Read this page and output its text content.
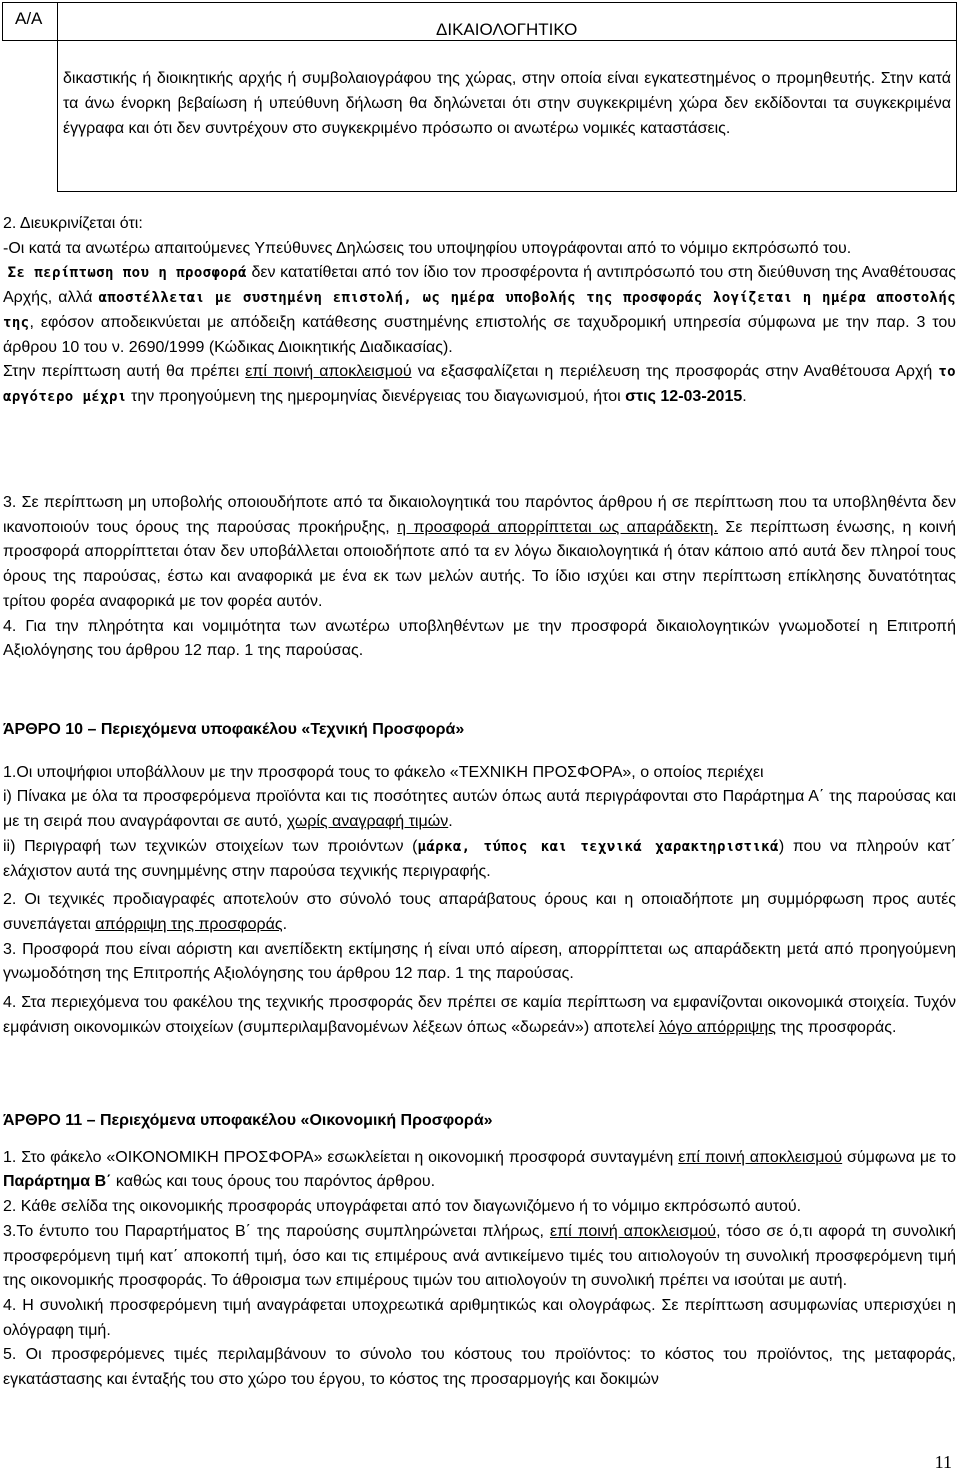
Α/Α
ΔΙΚΑΙΟΛΟΓΗΤΙΚΟ

δικαστικής ή διοικητικής αρχής ή συμβολαιογράφου της χώρας, στην οποία είναι εγκατεστημένος ο προμηθευτής. Στην κατά τα άνω ένορκη βεβαίωση ή υπεύθυνη δήλωση θα δηλώνεται ότι στην συγκεκριμένη χώρα δεν εκδίδονται τα συγκεκριμένα έγγραφα και ότι δεν συντρέχουν στο συγκεκριμένο πρόσωπο οι ανωτέρω νομικές καταστάσεις.

2. Διευκρινίζεται ότι:

-Οι κατά τα ανωτέρω απαιτούμενες Υπεύθυνες Δηλώσεις του υποψηφίου υπογράφονται από το νόμιμο εκπρόσωπό του.

Σε περίπτωση που η προσφορά δεν κατατίθεται από τον ίδιο τον προσφέροντα ή αντιπρόσωπό του στη διεύθυνση της Αναθέτουσας Αρχής, αλλά αποστέλλεται με συστημένη επιστολή, ως ημέρα υποβολής της προσφοράς λογίζεται η ημέρα αποστολής της, εφόσον αποδεικνύεται με απόδειξη κατάθεσης συστημένης επιστολής σε ταχυδρομική υπηρεσία σύμφωνα με την παρ. 3 του άρθρου 10 του ν. 2690/1999 (Κώδικας Διοικητικής Διαδικασίας).

Στην περίπτωση αυτή θα πρέπει επί ποινή αποκλεισμού να εξασφαλίζεται η περιέλευση της προσφοράς στην Αναθέτουσα Αρχή το αργότερο μέχρι την προηγούμενη της ημερομηνίας διενέργειας του διαγωνισμού, ήτοι στις 12-03-2015.

3. Σε περίπτωση μη υποβολής οποιουδήποτε από τα δικαιολογητικά του παρόντος άρθρου ή σε περίπτωση που τα υποβληθέντα δεν ικανοποιούν τους όρους της παρούσας προκήρυξης, η προσφορά απορρίπτεται ως απαράδεκτη. Σε περίπτωση ένωσης, η κοινή προσφορά απορρίπτεται όταν δεν υποβάλλεται οποιοδήποτε από τα εν λόγω δικαιολογητικά ή όταν κάποιο από αυτά δεν πληροί τους όρους της παρούσας, έστω και αναφορικά με ένα εκ των μελών αυτής. Το ίδιο ισχύει και στην περίπτωση επίκλησης δυνατότητας τρίτου φορέα αναφορικά με τον φορέα αυτόν.

4. Για την πληρότητα και νομιμότητα των ανωτέρω υποβληθέντων με την προσφορά δικαιολογητικών γνωμοδοτεί η Επιτροπή Αξιολόγησης του άρθρου 12 παρ. 1 της παρούσας.

ΆΡΘΡΟ 10 – Περιεχόμενα υποφακέλου «Τεχνική Προσφορά»

1.Οι υποψήφιοι υποβάλλουν με την προσφορά τους το φάκελο «ΤΕΧΝΙΚΗ ΠΡΟΣΦΟΡΑ», ο οποίος περιέχει

i) Πίνακα με όλα τα προσφερόμενα προϊόντα και τις ποσότητες αυτών όπως αυτά περιγράφονται στο Παράρτημα Α΄ της παρούσας και με τη σειρά που αναγράφονται σε αυτό, χωρίς αναγραφή τιμών.

ii) Περιγραφή των τεχνικών στοιχείων των προιόντων (μάρκα, τύπος και τεχνικά χαρακτηριστικά) που να πληρούν κατ΄ ελάχιστον αυτά της συνημμένης στην παρούσα τεχνικής περιγραφής.

2. Οι τεχνικές προδιαγραφές αποτελούν στο σύνολό τους απαράβατους όρους και η οποιαδήποτε μη συμμόρφωση προς αυτές συνεπάγεται απόρριψη της προσφοράς.

3. Προσφορά που είναι αόριστη και ανεπίδεκτη εκτίμησης ή είναι υπό αίρεση, απορρίπτεται ως απαράδεκτη μετά από προηγούμενη γνωμοδότηση της Επιτροπής Αξιολόγησης του άρθρου 12 παρ. 1 της παρούσας.

4. Στα περιεχόμενα του φακέλου της τεχνικής προσφοράς δεν πρέπει σε καμία περίπτωση να εμφανίζονται οικονομικά στοιχεία. Τυχόν εμφάνιση οικονομικών στοιχείων (συμπεριλαμβανομένων λέξεων όπως «δωρεάν») αποτελεί λόγο απόρριψης της προσφοράς.

ΆΡΘΡΟ 11 – Περιεχόμενα υποφακέλου «Οικονομική Προσφορά»

1. Στο φάκελο «ΟΙΚΟΝΟΜΙΚΗ ΠΡΟΣΦΟΡΑ» εσωκλείεται η οικονομική προσφορά συνταγμένη επί ποινή αποκλεισμού σύμφωνα με το Παράρτημα Β΄ καθώς και τους όρους του παρόντος άρθρου.

2. Κάθε σελίδα της οικονομικής προσφοράς υπογράφεται από τον διαγωνιζόμενο ή το νόμιμο εκπρόσωπό αυτού.

3.Το έντυπο του Παραρτήματος Β΄ της παρούσης συμπληρώνεται πλήρως, επί ποινή αποκλεισμού, τόσο σε ό,τι αφορά τη συνολική προσφερόμενη τιμή κατ΄ αποκοπή τιμή, όσο και τις επιμέρους ανά αντικείμενο τιμές του αιτιολογούν τη συνολική προσφερόμενη τιμή της οικονομικής προσφοράς. Το άθροισμα των επιμέρους τιμών του αιτιολογούν τη συνολική πρέπει να ισούται με αυτή.

4. Η συνολική προσφερόμενη τιμή αναγράφεται υποχρεωτικά αριθμητικώς και ολογράφως. Σε περίπτωση ασυμφωνίας υπερισχύει η ολόγραφη τιμή.

5. Οι προσφερόμενες τιμές περιλαμβάνουν το σύνολο του κόστους του προϊόντος: το κόστος του προϊόντος, της μεταφοράς, εγκατάστασης και ένταξής του στο χώρο του έργου, το κόστος της προσαρμογής και δοκιμών

11
